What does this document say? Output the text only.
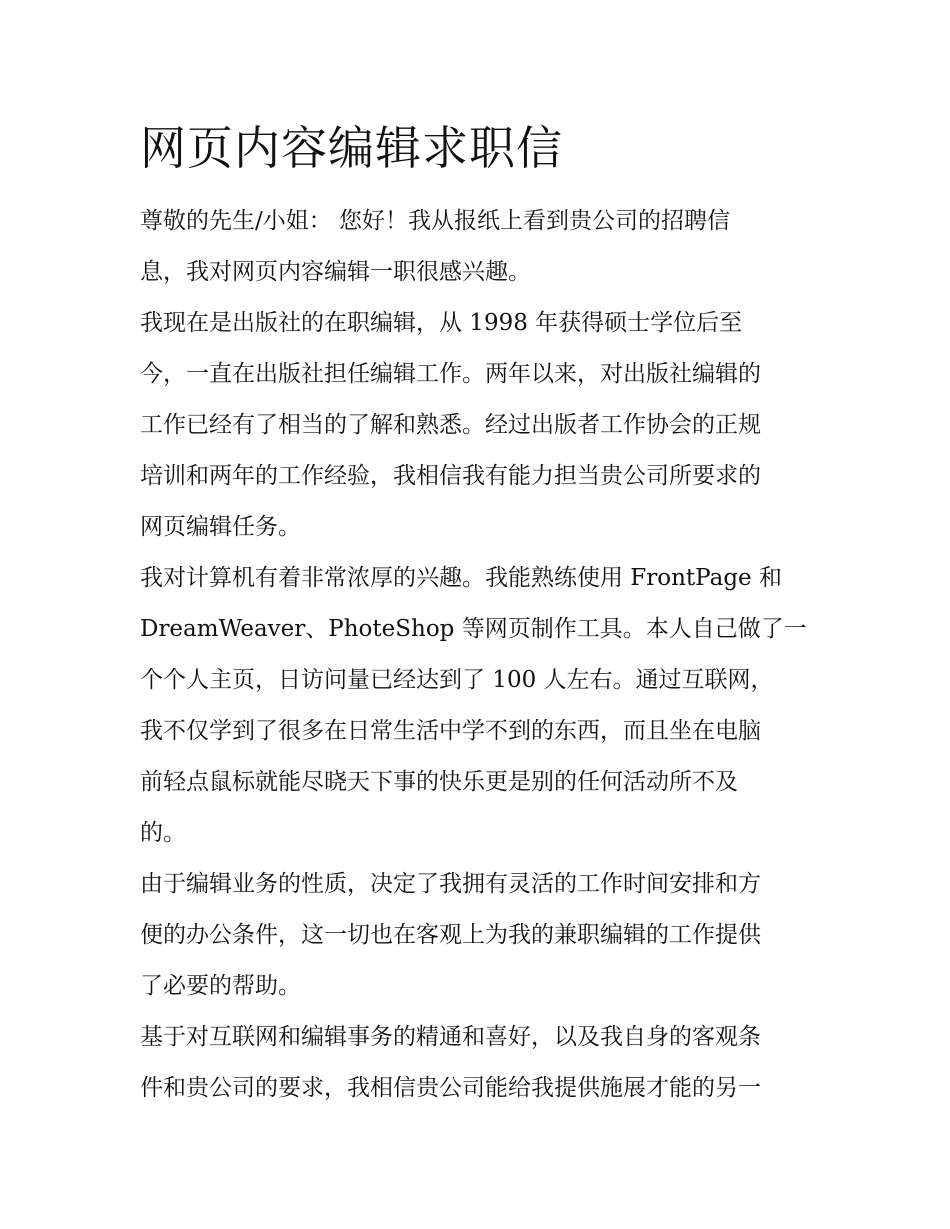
网页内容编辑求职信

尊敬的先生/小姐： 您好！我从报纸上看到贵公司的招聘信
息，我对网页内容编辑一职很感兴趣。

我现在是出版社的在职编辑，从 1998 年获得硕士学位后至
今，一直在出版社担任编辑工作。两年以来，对出版社编辑的
工作已经有了相当的了解和熟悉。经过出版者工作协会的正规
培训和两年的工作经验，我相信我有能力担当贵公司所要求的
网页编辑任务。

我对计算机有着非常浓厚的兴趣。我能熟练使用 FrontPage 和
DreamWeaver、PhoteShop 等网页制作工具。本人自己做了一
个个人主页，日访问量已经达到了 100 人左右。通过互联网，
我不仅学到了很多在日常生活中学不到的东西，而且坐在电脑
前轻点鼠标就能尽晓天下事的快乐更是别的任何活动所不及
的。

由于编辑业务的性质，决定了我拥有灵活的工作时间安排和方
便的办公条件，这一切也在客观上为我的兼职编辑的工作提供
了必要的帮助。

基于对互联网和编辑事务的精通和喜好，以及我自身的客观条
件和贵公司的要求，我相信贵公司能给我提供施展才能的另一
